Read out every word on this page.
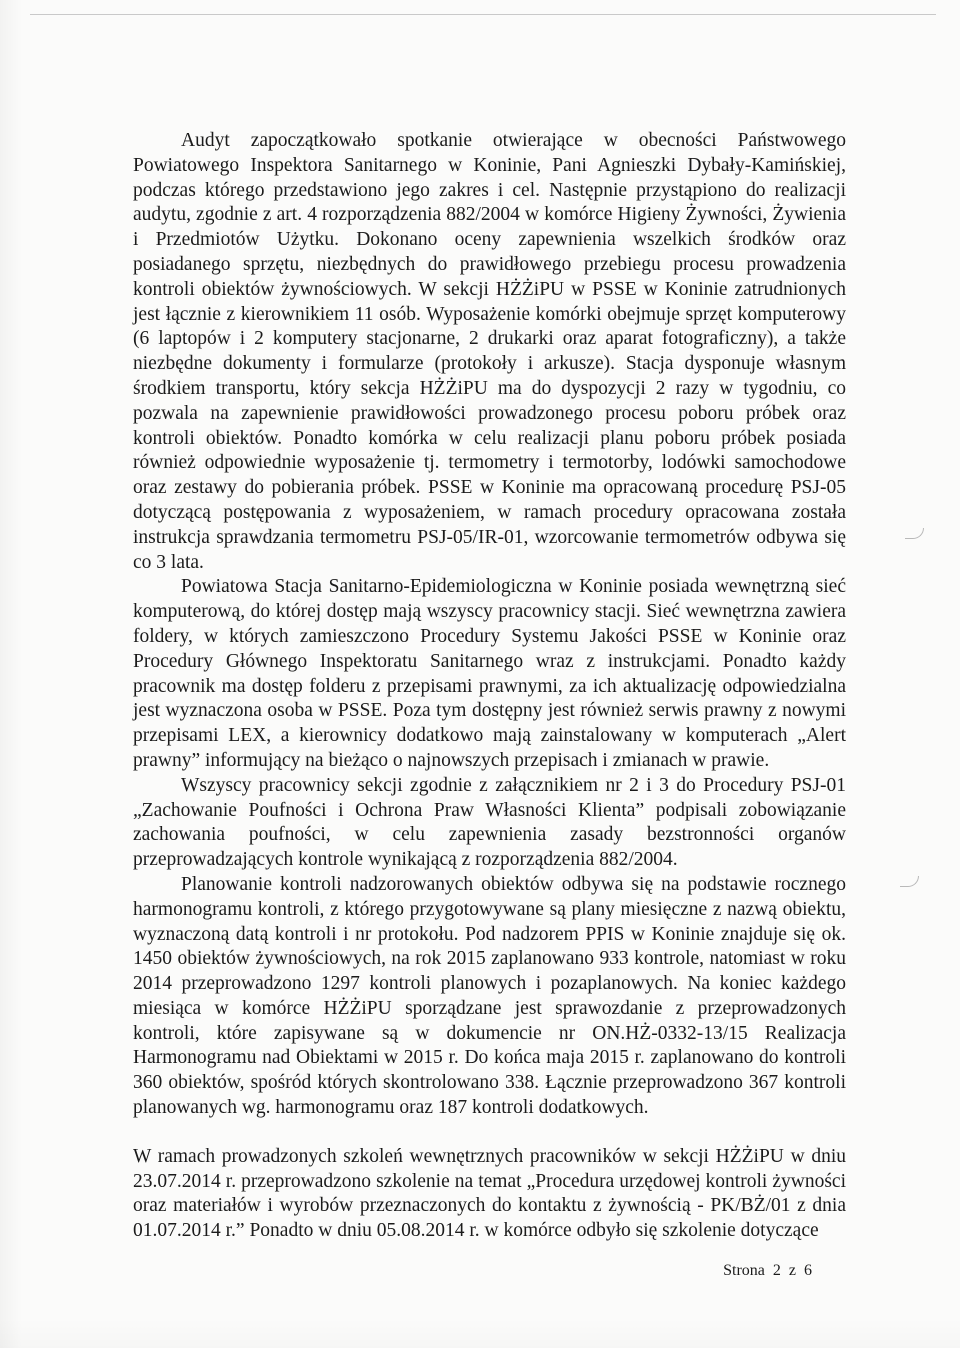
Audyt zapoczątkowało spotkanie otwierające w obecności Państwowego Powiatowego Inspektora Sanitarnego w Koninie, Pani Agnieszki Dybały-Kamińskiej, podczas którego przedstawiono jego zakres i cel. Następnie przystąpiono do realizacji audytu, zgodnie z art. 4 rozporządzenia 882/2004 w komórce Higieny Żywności, Żywienia i Przedmiotów Użytku. Dokonano oceny zapewnienia wszelkich środków oraz posiadanego sprzętu, niezbędnych do prawidłowego przebiegu procesu prowadzenia kontroli obiektów żywnościowych. W sekcji HŻŻiPU w PSSE w Koninie zatrudnionych jest łącznie z kierownikiem 11 osób. Wyposażenie komórki obejmuje sprzęt komputerowy (6 laptopów i 2 komputery stacjonarne, 2 drukarki oraz aparat fotograficzny), a także niezbędne dokumenty i formularze (protokoły i arkusze). Stacja dysponuje własnym środkiem transportu, który sekcja HŻŻiPU ma do dyspozycji 2 razy w tygodniu, co pozwala na zapewnienie prawidłowości prowadzonego procesu poboru próbek oraz kontroli obiektów. Ponadto komórka w celu realizacji planu poboru próbek posiada również odpowiednie wyposażenie tj. termometry i termotorby, lodówki samochodowe oraz zestawy do pobierania próbek. PSSE w Koninie ma opracowaną procedurę PSJ-05 dotyczącą postępowania z wyposażeniem, w ramach procedury opracowana została instrukcja sprawdzania termometru PSJ-05/IR-01, wzorcowanie termometrów odbywa się co 3 lata.

Powiatowa Stacja Sanitarno-Epidemiologiczna w Koninie posiada wewnętrzną sieć komputerową, do której dostęp mają wszyscy pracownicy stacji. Sieć wewnętrzna zawiera foldery, w których zamieszczono Procedury Systemu Jakości PSSE w Koninie oraz Procedury Głównego Inspektoratu Sanitarnego wraz z instrukcjami. Ponadto każdy pracownik ma dostęp folderu z przepisami prawnymi, za ich aktualizację odpowiedzialna jest wyznaczona osoba w PSSE. Poza tym dostępny jest również serwis prawny z nowymi przepisami LEX, a kierownicy dodatkowo mają zainstalowany w komputerach „Alert prawny” informujący na bieżąco o najnowszych przepisach i zmianach w prawie.

Wszyscy pracownicy sekcji zgodnie z załącznikiem nr 2 i 3 do Procedury PSJ-01 „Zachowanie Poufności i Ochrona Praw Własności Klienta” podpisali zobowiązanie zachowania poufności, w celu zapewnienia zasady bezstronności organów przeprowadzających kontrole wynikającą z rozporządzenia 882/2004.

Planowanie kontroli nadzorowanych obiektów odbywa się na podstawie rocznego harmonogramu kontroli, z którego przygotowywane są plany miesięczne z nazwą obiektu, wyznaczoną datą kontroli i nr protokołu. Pod nadzorem PPIS w Koninie znajduje się ok. 1450 obiektów żywnościowych, na rok 2015 zaplanowano 933 kontrole, natomiast w roku 2014 przeprowadzono 1297 kontroli planowych i pozaplanowych. Na koniec każdego miesiąca w komórce HŻŻiPU sporządzane jest sprawozdanie z przeprowadzonych kontroli, które zapisywane są w dokumencie nr ON.HŻ-0332-13/15 Realizacja Harmonogramu nad Obiektami w 2015 r. Do końca maja 2015 r. zaplanowano do kontroli 360 obiektów, spośród których skontrolowano 338. Łącznie przeprowadzono 367 kontroli planowanych wg. harmonogramu oraz 187 kontroli dodatkowych.

W ramach prowadzonych szkoleń wewnętrznych pracowników w sekcji HŻŻiPU w dniu 23.07.2014 r. przeprowadzono szkolenie na temat „Procedura urzędowej kontroli żywności oraz materiałów i wyrobów przeznaczonych do kontaktu z żywnością - PK/BŻ/01 z dnia 01.07.2014 r.” Ponadto w dniu 05.08.2014 r. w komórce odbyło się szkolenie dotyczące

Strona 2 z 6
